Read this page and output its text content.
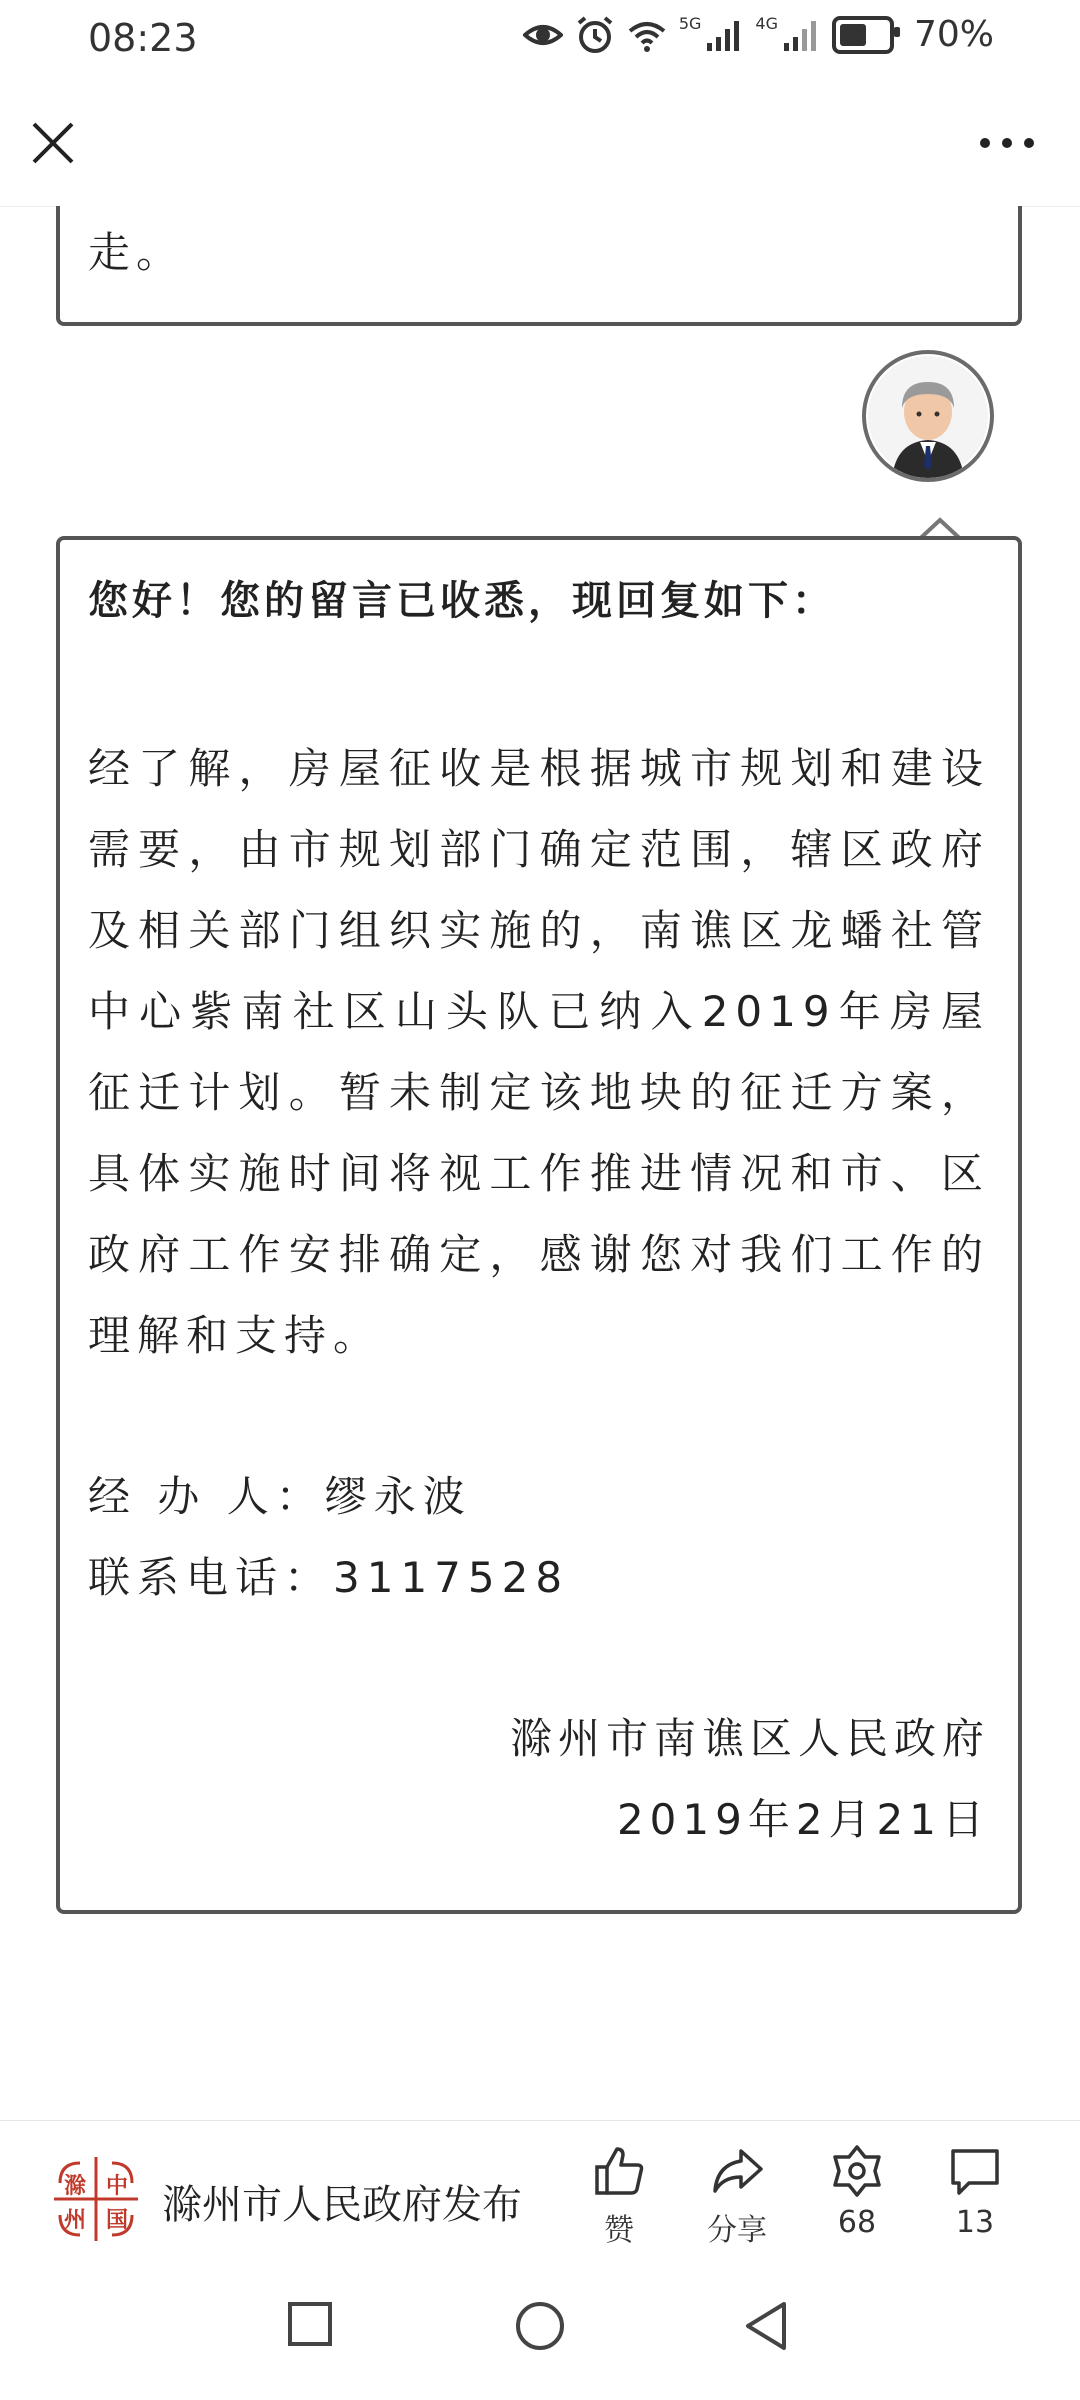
08:23	5G	4G	70%
走。
您好！您的留言已收悉，现回复如下：
经了解，房屋征收是根据城市规划和建设需要，由市规划部门确定范围，辖区政府及相关部门组织实施的，南谯区龙蟠社管中心紫南社区山头队已纳入2019年房屋征迁计划。暂未制定该地块的征迁方案，具体实施时间将视工作推进情况和市、区政府工作安排确定，感谢您对我们工作的理解和支持。
经 办 人：缪永波
联系电话：3117528
滁州市南谯区人民政府
2019年2月21日
滁 中
州 国 滁州市人民政府发布
赞	分享	68	13
